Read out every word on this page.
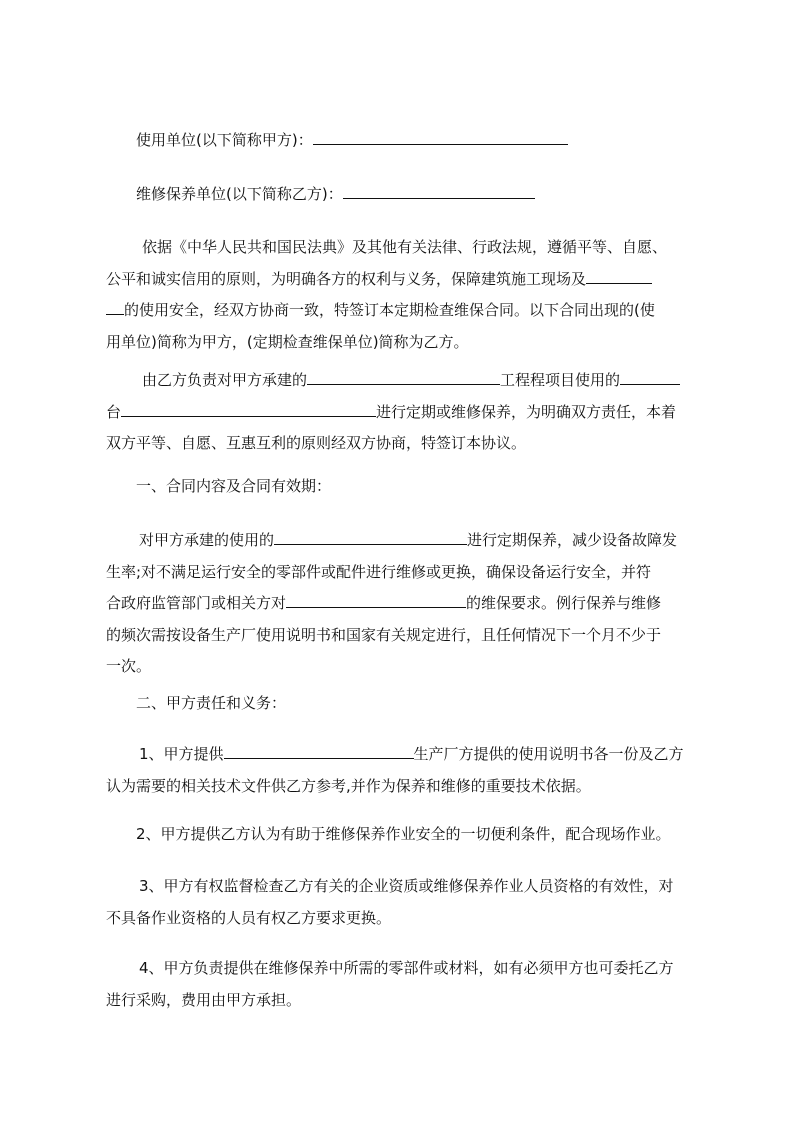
使用单位(以下简称甲方)：
维修保养单位(以下简称乙方)：
依据《中华人民共和国民法典》及其他有关法律、行政法规，遵循平等、自愿、
公平和诚实信用的原则，为明确各方的权利与义务，保障建筑施工现场及
的使用安全，经双方协商一致，特签订本定期检查维保合同。以下合同出现的(使
用单位)简称为甲方，(定期检查维保单位)简称为乙方。
由乙方负责对甲方承建的	工程程项目使用的
台	进行定期或维修保养，为明确双方责任，本着
双方平等、自愿、互惠互利的原则经双方协商，特签订本协议。
一、合同内容及合同有效期：
对甲方承建的使用的	进行定期保养，减少设备故障发
生率;对不满足运行安全的零部件或配件进行维修或更换，确保设备运行安全，并符
合政府监管部门或相关方对	的维保要求。例行保养与维修
的频次需按设备生产厂使用说明书和国家有关规定进行，且任何情况下一个月不少于
一次。
二、甲方责任和义务：
1、甲方提供	生产厂方提供的使用说明书各一份及乙方
认为需要的相关技术文件供乙方参考,并作为保养和维修的重要技术依据。
2、甲方提供乙方认为有助于维修保养作业安全的一切便利条件，配合现场作业。
3、甲方有权监督检查乙方有关的企业资质或维修保养作业人员资格的有效性，对
不具备作业资格的人员有权乙方要求更换。
4、甲方负责提供在维修保养中所需的零部件或材料，如有必须甲方也可委托乙方
进行采购，费用由甲方承担。
